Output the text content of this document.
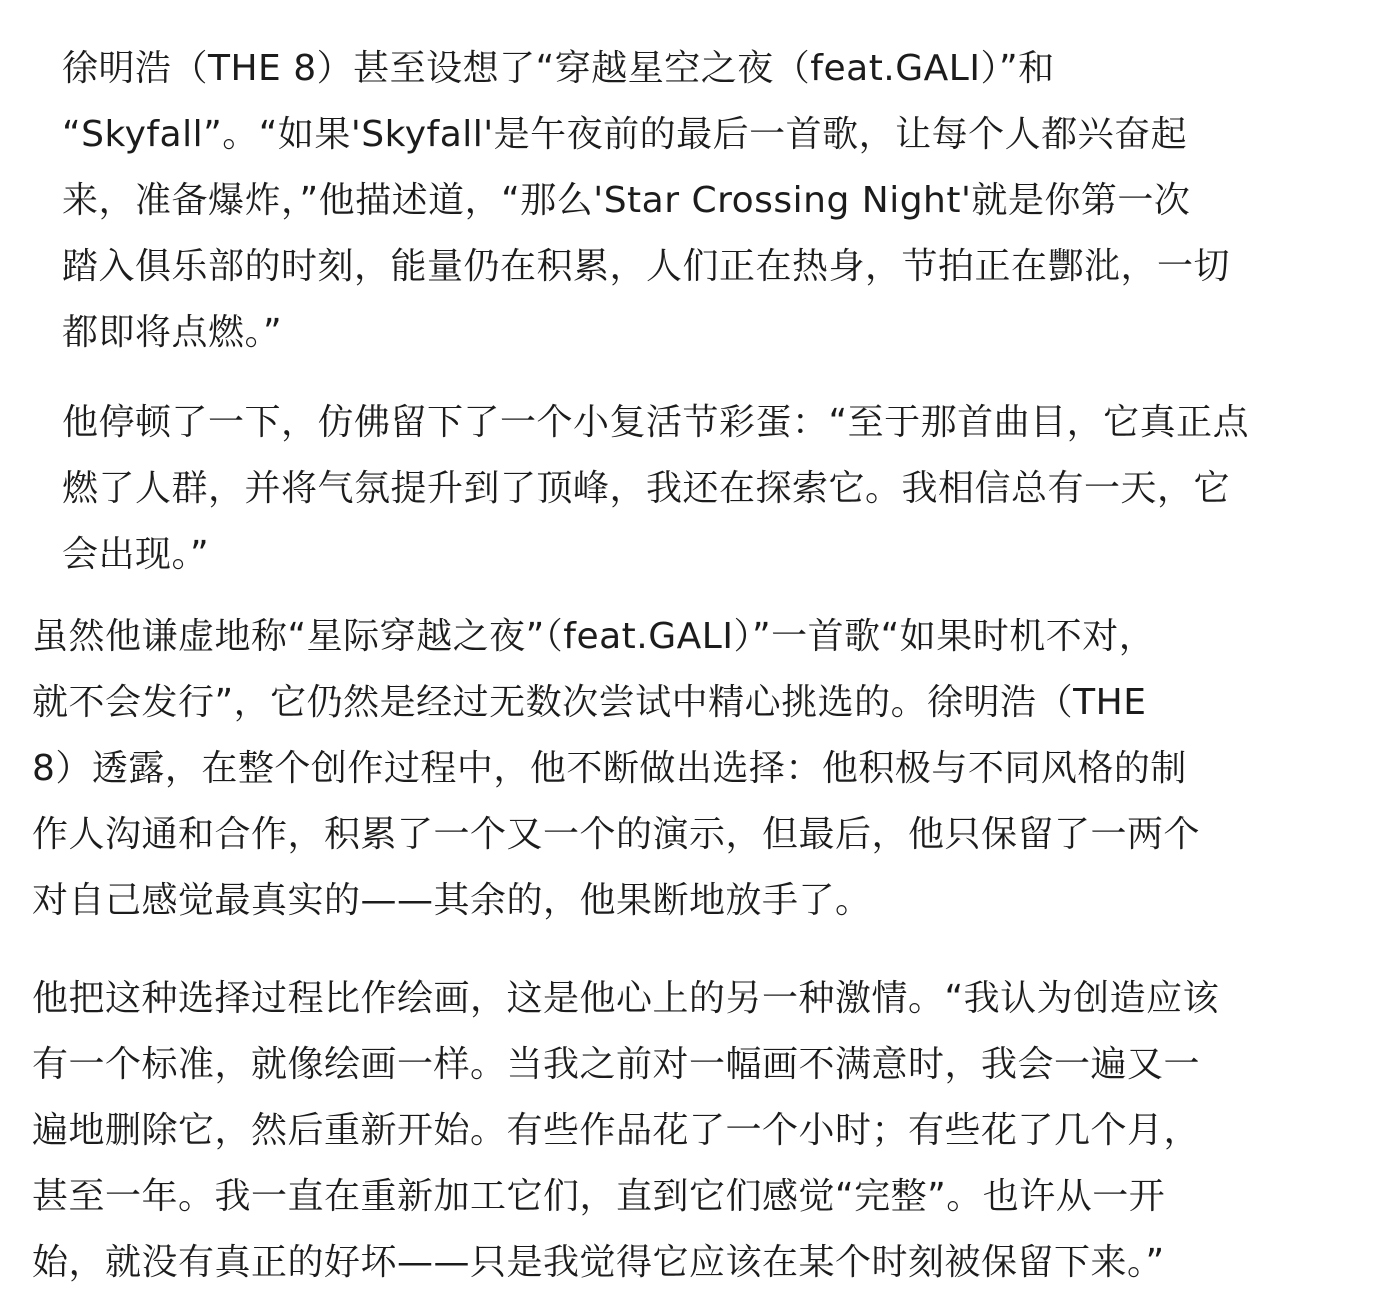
徐明浩（THE 8）甚至设想了“穿越星空之夜（feat.GALI）”和
“Skyfall”。“如果'Skyfall'是午夜前的最后一首歌，让每个人都兴奋起
来，准备爆炸，”他描述道，“那么'Star Crossing Night'就是你第一次
踏入俱乐部的时刻，能量仍在积累，人们正在热身，节拍正在酆沘，一切
都即将点燃。”

他停顿了一下，仿佛留下了一个小复活节彩蛋：“至于那首曲目，它真正点
燃了人群，并将气氛提升到了顶峰，我还在探索它。我相信总有一天，它
会出现。”

虽然他谦虚地称“星际穿越之夜”（feat.GALI）”一首歌“如果时机不对，
就不会发行”，它仍然是经过无数次尝试中精心挑选的。徐明浩（THE
8）透露，在整个创作过程中，他不断做出选择：他积极与不同风格的制
作人沟通和合作，积累了一个又一个的演示，但最后，他只保留了一两个
对自己感觉最真实的——其余的，他果断地放手了。

他把这种选择过程比作绘画，这是他心上的另一种激情。“我认为创造应该
有一个标准，就像绘画一样。当我之前对一幅画不满意时，我会一遍又一
遍地删除它，然后重新开始。有些作品花了一个小时；有些花了几个月，
甚至一年。我一直在重新加工它们，直到它们感觉“完整”。也许从一开
始，就没有真正的好坏——只是我觉得它应该在某个时刻被保留下来。”
